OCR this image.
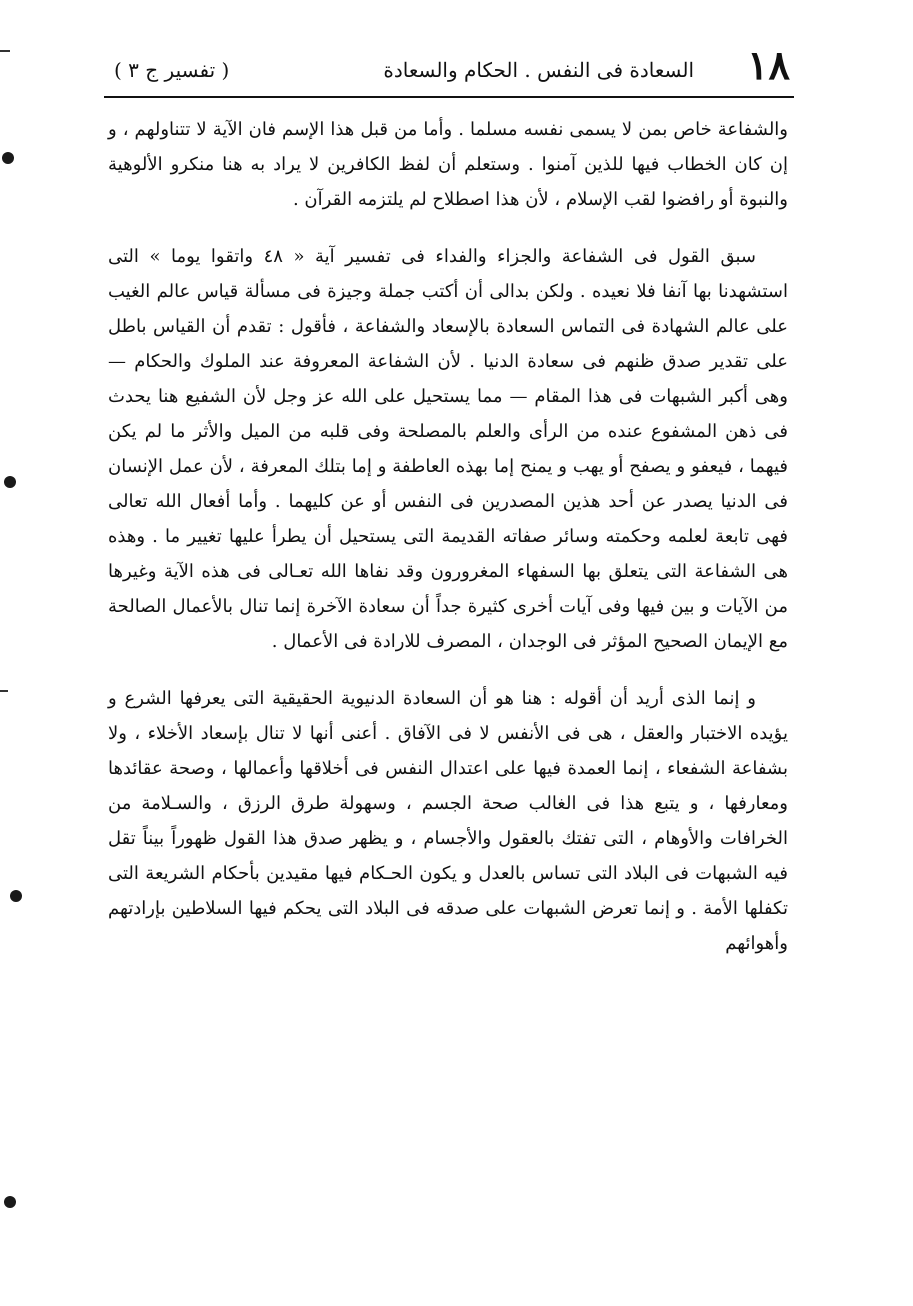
١٨
السعادة فى النفس . الحكام والسعادة
( تفسير ج ٣ )

والشفاعة خاص بمن لا يسمى نفسه مسلما . وأما من قبل هذا الإسم فان الآية لا تتناولهم ، و إن كان الخطاب فيها للذين آمنوا . وستعلم أن لفظ الكافرين لا يراد به هنا منكرو الألوهية والنبوة أو رافضوا لقب الإسلام ، لأن هذا اصطلاح لم يلتزمه القرآن .

سبق القول فى الشفاعة والجزاء والفداء فى تفسير آية « ٤٨ واتقوا يوما » التى استشهدنا بها آنفا فلا نعيده . ولكن بدالى أن أكتب جملة وجيزة فى مسألة قياس عالم الغيب على عالم الشهادة فى التماس السعادة بالإسعاد والشفاعة ، فأقول : تقدم أن القياس باطل على تقدير صدق ظنهم فى سعادة الدنيا . لأن الشفاعة المعروفة عند الملوك والحكام — وهى أكبر الشبهات فى هذا المقام — مما يستحيل على الله عز وجل لأن الشفيع هنا يحدث فى ذهن المشفوع عنده من الرأى والعلم بالمصلحة وفى قلبه من الميل والأثر ما لم يكن فيهما ، فيعفو و يصفح أو يهب و يمنح إما بهذه العاطفة و إما بتلك المعرفة ، لأن عمل الإنسان فى الدنيا يصدر عن أحد هذين المصدرين فى النفس أو عن كليهما . وأما أفعال الله تعالى فهى تابعة لعلمه وحكمته وسائر صفاته القديمة التى يستحيل أن يطرأ عليها تغيير ما . وهذه هى الشفاعة التى يتعلق بها السفهاء المغرورون وقد نفاها الله تعـالى فى هذه الآية وغيرها من الآيات و بين فيها وفى آيات أخرى كثيرة جداً أن سعادة الآخرة إنما تنال بالأعمال الصالحة مع الإيمان الصحيح المؤثر فى الوجدان ، المصرف للارادة فى الأعمال .

و إنما الذى أريد أن أقوله : هنا هو أن السعادة الدنيوية الحقيقية التى يعرفها الشرع و يؤيده الاختبار والعقل ، هى فى الأنفس لا فى الآفاق . أعنى أنها لا تنال بإسعاد الأخلاء ، ولا بشفاعة الشفعاء ، إنما العمدة فيها على اعتدال النفس فى أخلاقها وأعمالها ، وصحة عقائدها ومعارفها ، و يتبع هذا فى الغالب صحة الجسم ، وسهولة طرق الرزق ، والسـلامة من الخرافات والأوهام ، التى تفتك بالعقول والأجسام ، و يظهر صدق هذا القول ظهوراً بيناً تقل فيه الشبهات فى البلاد التى تساس بالعدل و يكون الحـكام فيها مقيدين بأحكام الشريعة التى تكفلها الأمة . و إنما تعرض الشبهات على صدقه فى البلاد التى يحكم فيها السلاطين بإرادتهم وأهوائهم
